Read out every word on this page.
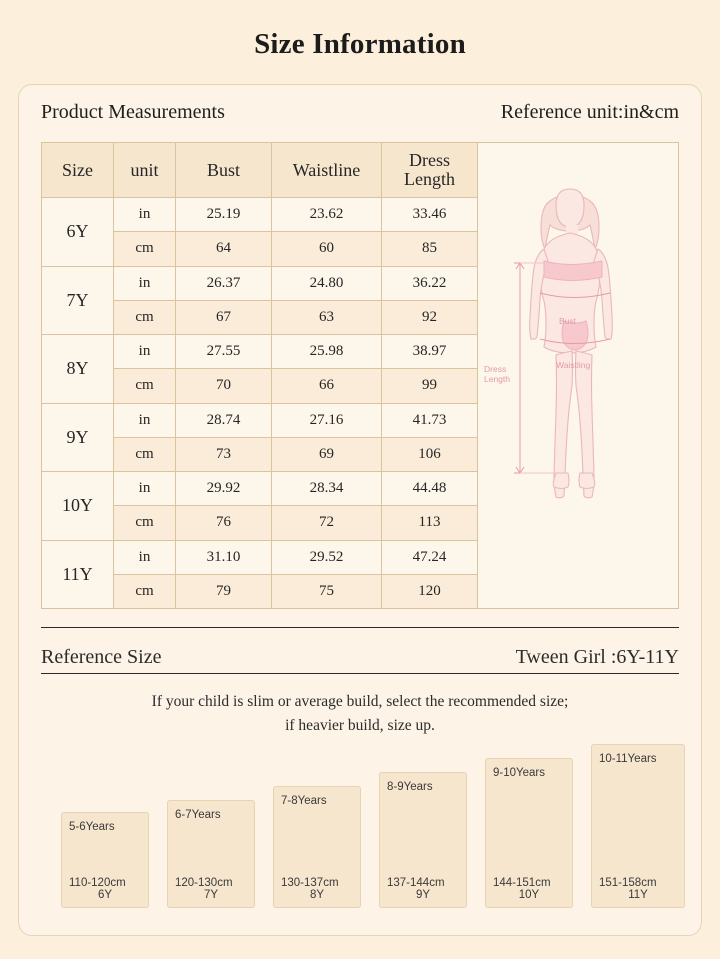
Size Information
Product Measurements	Reference unit:in&cm
Size	unit	Bust	Waistline	Dress Length
6Y	in	25.19	23.62	33.46
	cm	64	60	85
7Y	in	26.37	24.80	36.22
	cm	67	63	92
8Y	in	27.55	25.98	38.97
	cm	70	66	99
9Y	in	28.74	27.16	41.73
	cm	73	69	106
10Y	in	29.92	28.34	44.48
	cm	76	72	113
11Y	in	31.10	29.52	47.24
	cm	79	75	120
Bust
Waistling
Dress Length
Reference Size	Tween Girl :6Y-11Y
If your child is slim or average build, select the recommended size;
if heavier build, size up.
5-6Years
110-120cm
6Y
6-7Years
120-130cm
7Y
7-8Years
130-137cm
8Y
8-9Years
137-144cm
9Y
9-10Years
144-151cm
10Y
10-11Years
151-158cm
11Y
